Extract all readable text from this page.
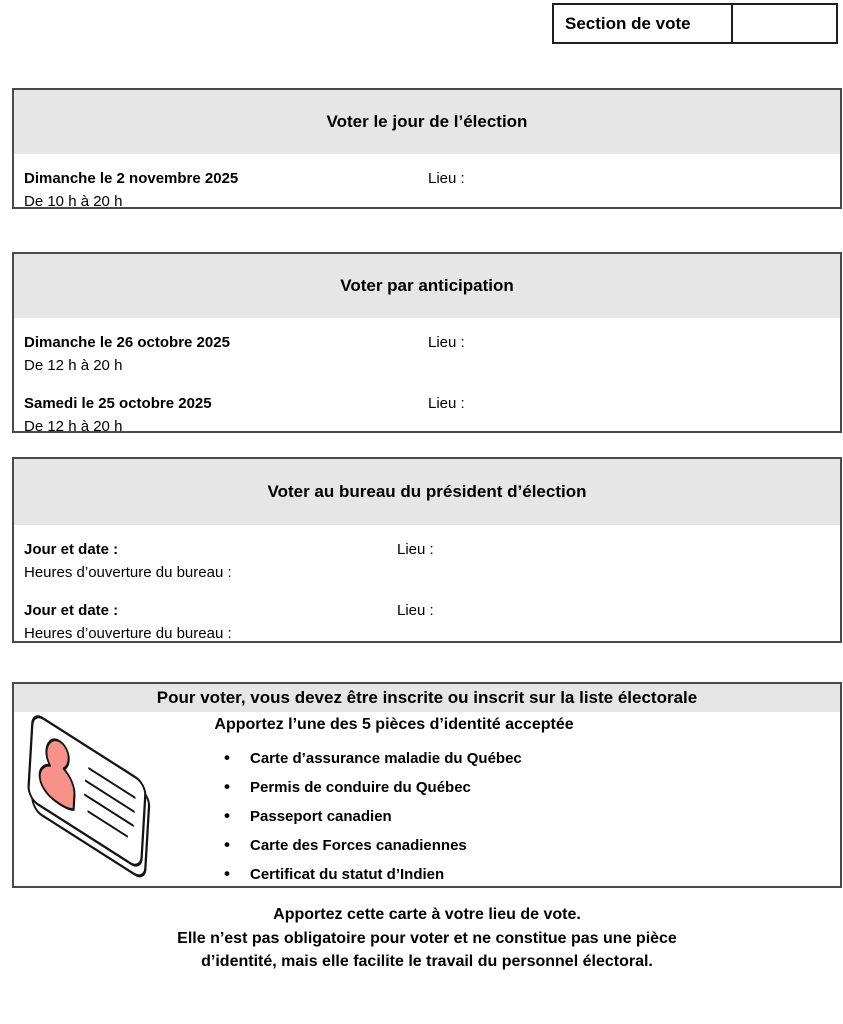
Section de vote
Voter le jour de l’élection
Dimanche le 2 novembre 2025
De 10 h à 20 h
Lieu :
Voter par anticipation
Dimanche le 26 octobre 2025
De 12 h à 20 h
Lieu :
Samedi le 25 octobre 2025
De 12 h à 20 h
Lieu :
Voter au bureau du président d’élection
Jour et date :
Heures d’ouverture du bureau :
Lieu :
Jour et date :
Heures d’ouverture du bureau :
Lieu :
Pour voter, vous devez être inscrite ou inscrit sur la liste électorale
Apportez l’une des 5 pièces d’identité acceptée
• Carte d’assurance maladie du Québec
• Permis de conduire du Québec
• Passeport canadien
• Carte des Forces canadiennes
• Certificat du statut d’Indien
Apportez cette carte à votre lieu de vote.
Elle n’est pas obligatoire pour voter et ne constitue pas une pièce
d’identité, mais elle facilite le travail du personnel électoral.
